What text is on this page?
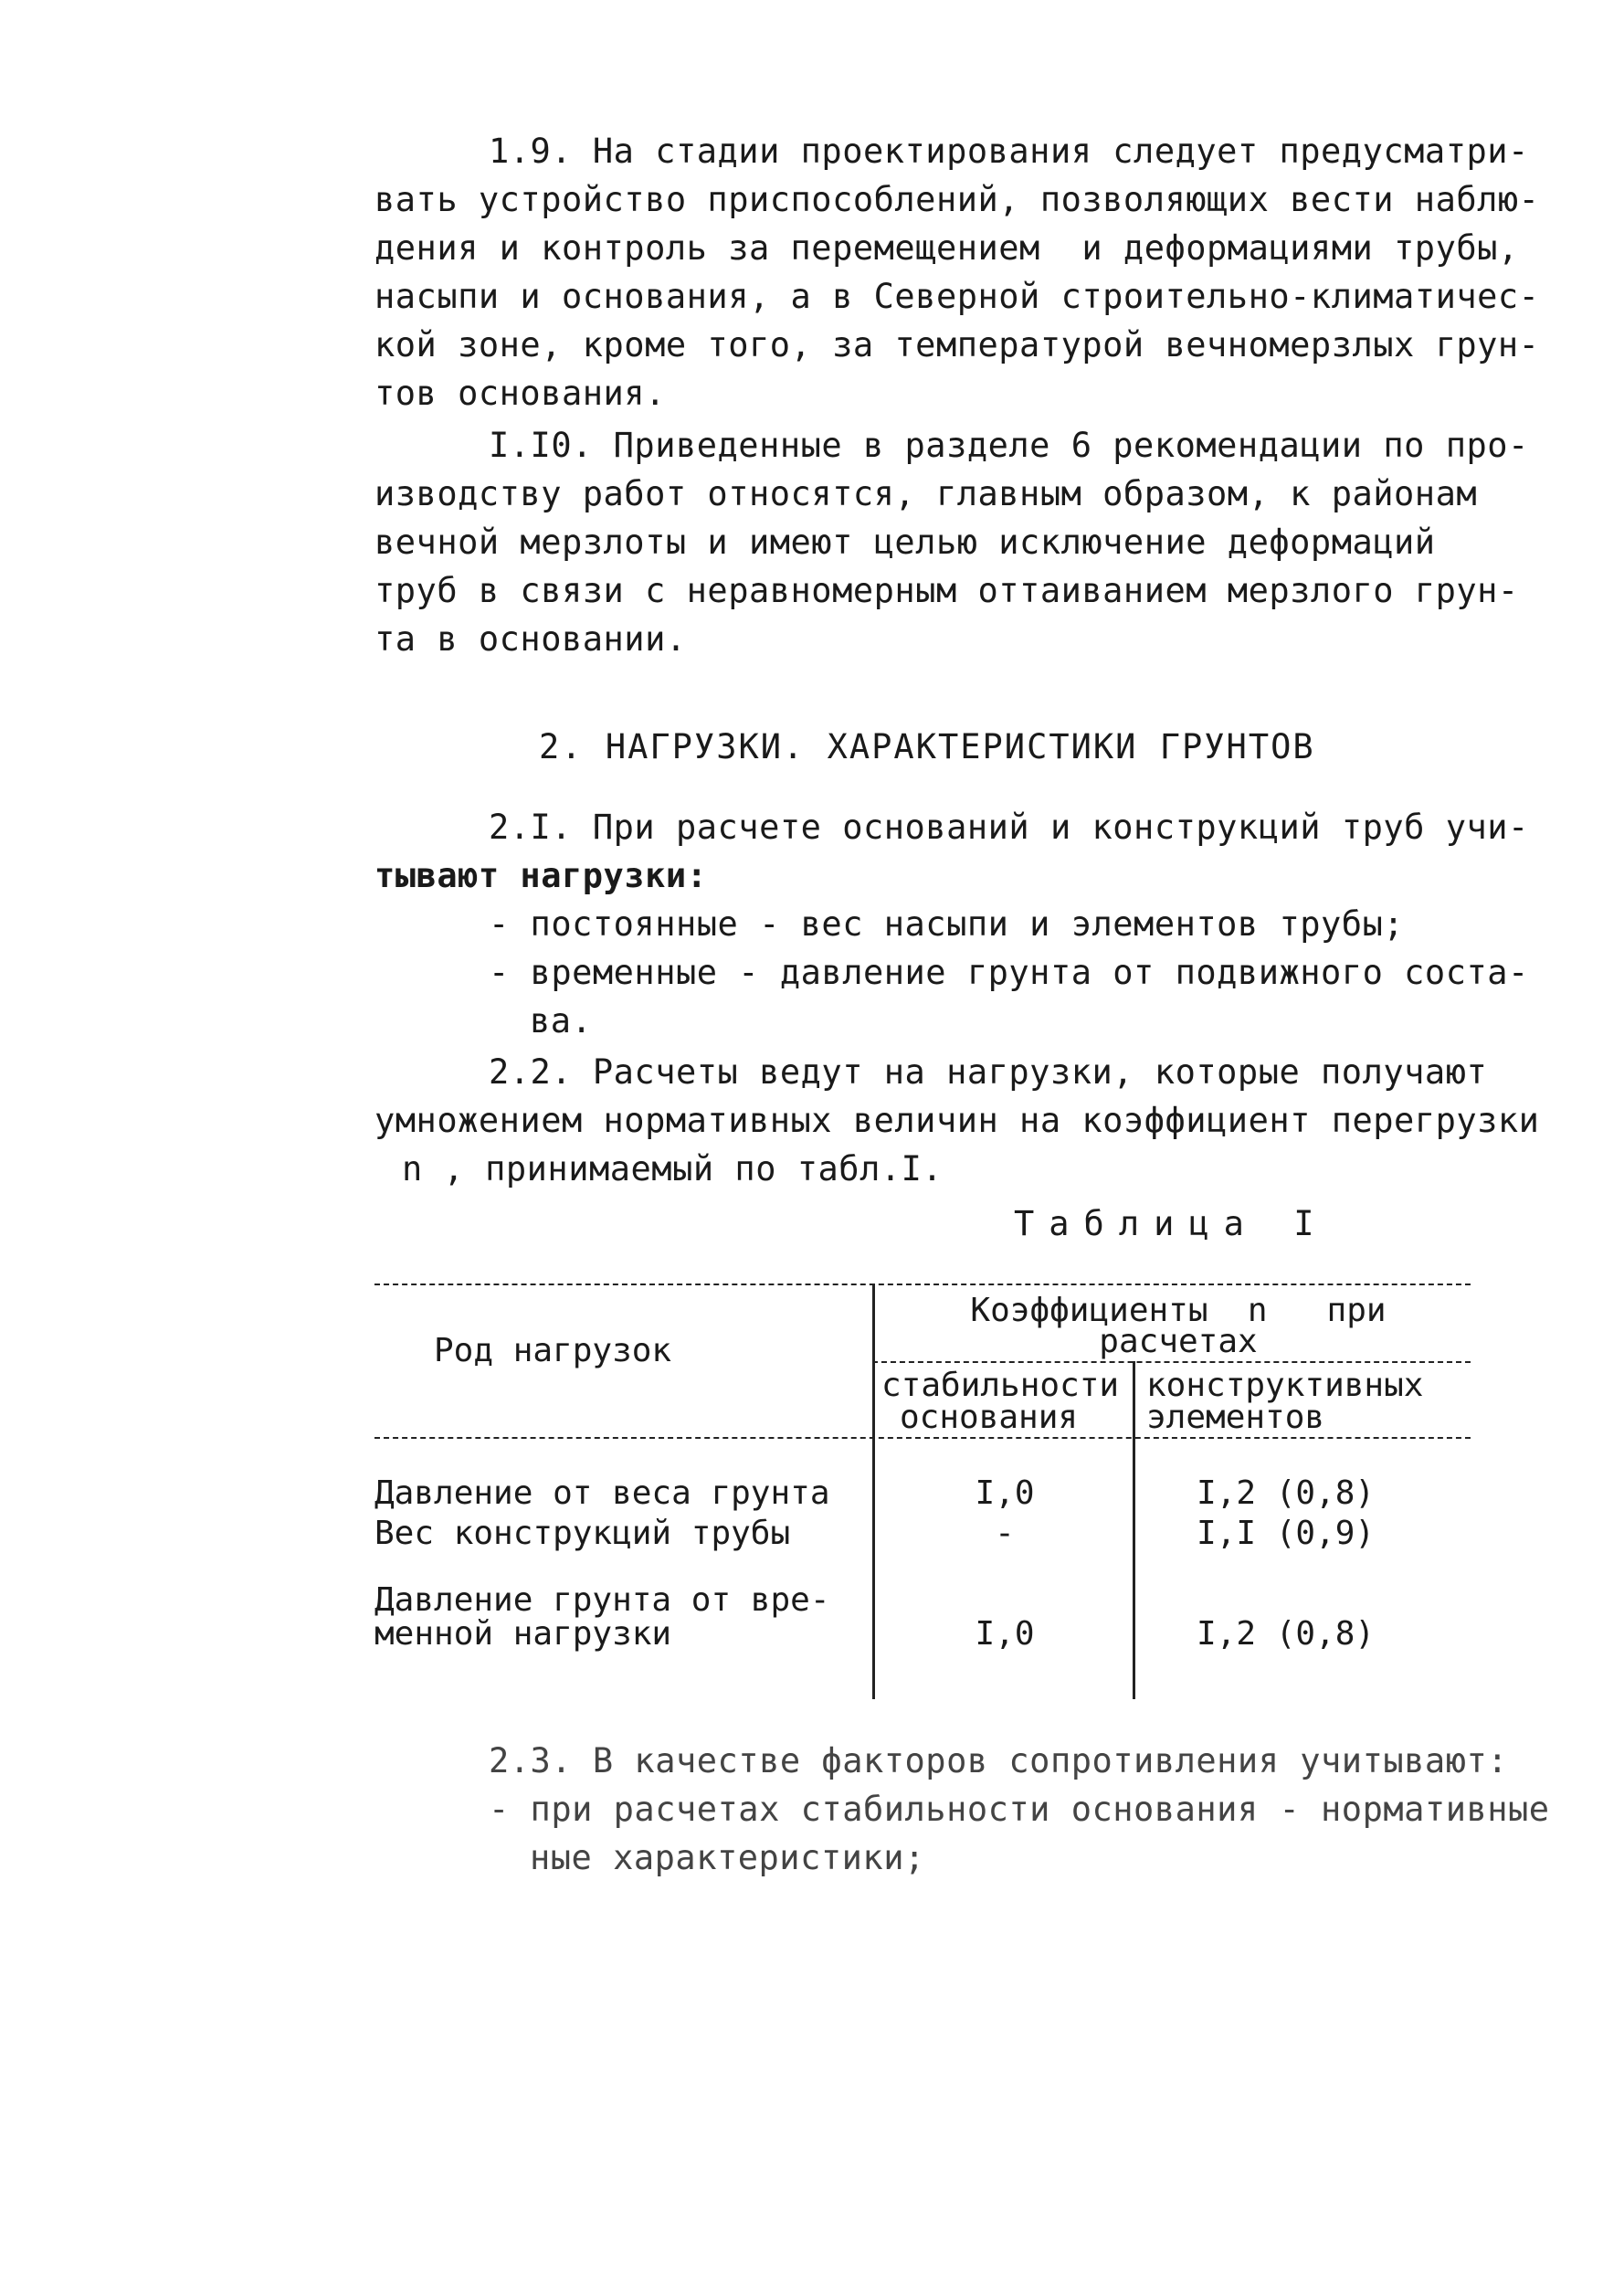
1.9. На стадии проектирования следует предусматри-
вать устройство приспособлений, позволяющих вести наблю-
дения и контроль за перемещением  и деформациями трубы,
насыпи и основания, а в Северной строительно-климатичес-
кой зоне, кроме того, за температурой вечномерзлых грун-
тов основания.
I.I0. Приведенные в разделе 6 рекомендации по про-
изводству работ относятся, главным образом, к районам
вечной мерзлоты и имеют целью исключение деформаций
труб в связи с неравномерным оттаиванием мерзлого грун-
та в основании.
2. НАГРУЗКИ. ХАРАКТЕРИСТИКИ ГРУНТОВ
2.I. При расчете оснований и конструкций труб учи-
тывают нагрузки:
- постоянные - вес насыпи и элементов трубы;
- временные - давление грунта от подвижного соста-
ва.
2.2. Расчеты ведут на нагрузки, которые получают
умножением нормативных величин на коэффициент перегрузки
n , принимаемый по табл.I.
Таблица I
Род нагрузок
Коэффициенты  n   при
расчетах
стабильности
основания
конструктивных
элементов
Давление от веса грунта	I,0	I,2 (0,8)
Вес конструкций трубы	-	I,I (0,9)
Давление грунта от вре-
менной нагрузки	I,0	I,2 (0,8)
2.3. В качестве факторов сопротивления учитывают:
- при расчетах стабильности основания - нормативные
ные характеристики;
